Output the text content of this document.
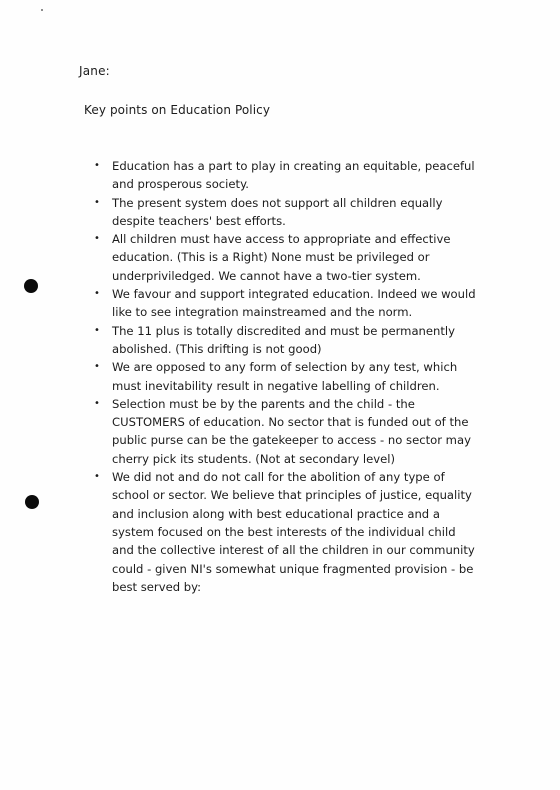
Jane:
Key points on Education Policy
• Education has a part to play in creating an equitable, peaceful and prosperous society.
• The present system does not support all children equally despite teachers' best efforts.
• All children must have access to appropriate and effective education. (This is a Right) None must be privileged or underpriviledged. We cannot have a two-tier system.
• We favour and support integrated education. Indeed we would like to see integration mainstreamed and the norm.
• The 11 plus is totally discredited and must be permanently abolished. (This drifting is not good)
• We are opposed to any form of selection by any test, which must inevitability result in negative labelling of children.
• Selection must be by the parents and the child - the CUSTOMERS of education. No sector that is funded out of the public purse can be the gatekeeper to access - no sector may cherry pick its students. (Not at secondary level)
• We did not and do not call for the abolition of any type of school or sector. We believe that principles of justice, equality and inclusion along with best educational practice and a system focused on the best interests of the individual child and the collective interest of all the children in our community could - given NI's somewhat unique fragmented provision - be best served by:
